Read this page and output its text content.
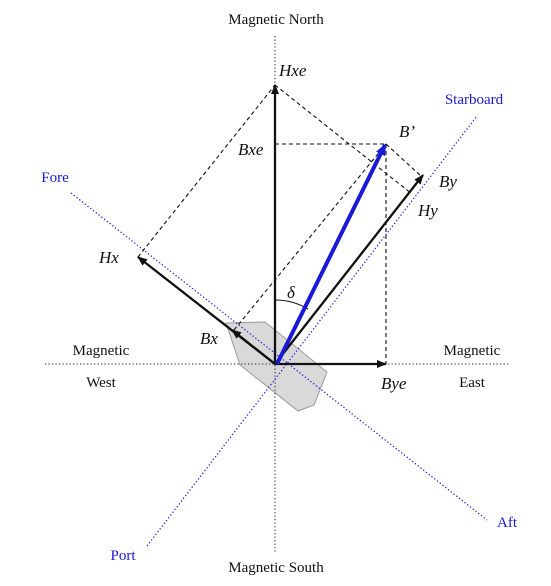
Magnetic North
Magnetic South
Magnetic
West
Magnetic
East
Starboard
Fore
Port
Aft
Hxe
Bxe
B’
By
Hy
Hx
Bx
Bye
δ
